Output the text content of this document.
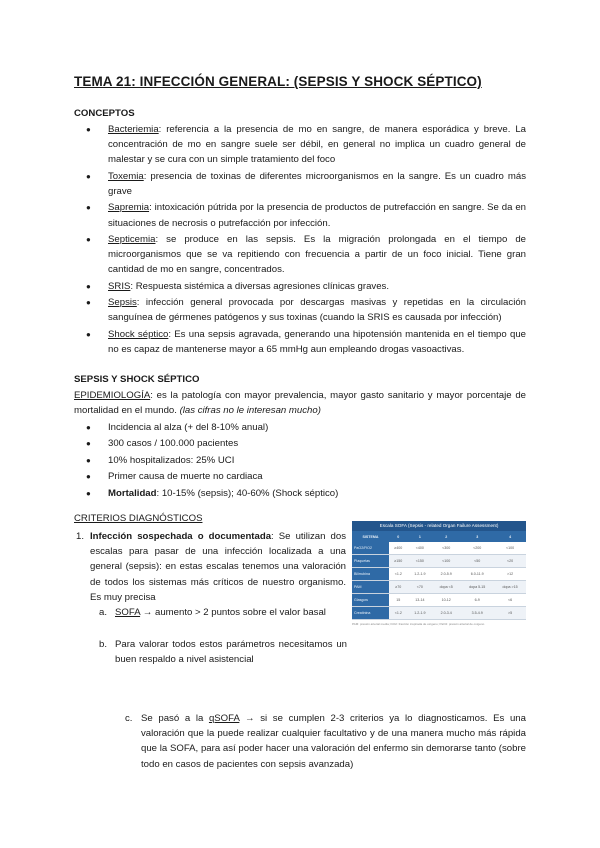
TEMA 21: INFECCIÓN GENERAL: (SEPSIS Y SHOCK SÉPTICO)
CONCEPTOS
● Bacteriemia: referencia a la presencia de mo en sangre, de manera esporádica y breve. La concentración de mo en sangre suele ser débil, en general no implica un cuadro general de malestar y se cura con un simple tratamiento del foco
● Toxemia: presencia de toxinas de diferentes microorganismos en la sangre. Es un cuadro más grave
● Sapremia: intoxicación pútrida por la presencia de productos de putrefacción en sangre. Se da en situaciones de necrosis o putrefacción por infección.
● Septicemia: se produce en las sepsis. Es la migración prolongada en el tiempo de microorganismos que se va repitiendo con frecuencia a partir de un foco inicial. Tiene gran cantidad de mo en sangre, concentrados.
● SRIS: Respuesta sistémica a diversas agresiones clínicas graves.
● Sepsis: infección general provocada por descargas masivas y repetidas en la circulación sanguínea de gérmenes patógenos y sus toxinas (cuando la SRIS es causada por infección)
● Shock séptico: Es una sepsis agravada, generando una hipotensión mantenida en el tiempo que no es capaz de mantenerse mayor a 65 mmHg aun empleando drogas vasoactivas.
SEPSIS Y SHOCK SÉPTICO
EPIDEMIOLOGÍA: es la patología con mayor prevalencia, mayor gasto sanitario y mayor porcentaje de mortalidad en el mundo. (las cifras no le interesan mucho)
● Incidencia al alza (+ del 8-10% anual)
● 300 casos / 100.000 pacientes
● 10% hospitalizados: 25% UCI
● Primer causa de muerte no cardiaca
● Mortalidad: 10-15% (sepsis); 40-60% (Shock séptico)
CRITERIOS DIAGNÓSTICOS
1. Infección sospechada o documentada: Se utilizan dos escalas para pasar de una infección localizada a una general (sepsis): en estas escalas tenemos una valoración de todos los sistemas más críticos de nuestro organismo. Es muy precisa
a. SOFA → aumento > 2 puntos sobre el valor basal
b. Para valorar todos estos parámetros necesitamos un buen respaldo a nivel asistencial
c. Se pasó a la qSOFA → si se cumplen 2-3 criterios ya lo diagnosticamos. Es una valoración que la puede realizar cualquier facultativo y de una manera mucho más rápida que la SOFA, para así poder hacer una valoración del enfermo sin demorarse tanto (sobre todo en casos de pacientes con sepsis avanzada)
Escala SOFA (Sepsis - related Organ Failure Assessment)
SISTEMA	0	1	2	3	4
PaO2/FiO2	≥400	<400	<300	<200	<100
Plaquetas	≥150	<150	<100	<50	<20
Bilirrubina	<1.2	1.2-1.9	2.0-5.9	6.0-11.9	>12
PAM	≥70	<70	dopa <5	dopa 5-15	dopa >15
Glasgow	15	13-14	10-12	6-9	<6
Creatinina	<1.2	1.2-1.9	2.0-3.4	3.5-4.9	>5
PAM: presión arterial media; FiO2: fracción inspirada de oxígeno; PaO2: presión arterial de oxígeno
